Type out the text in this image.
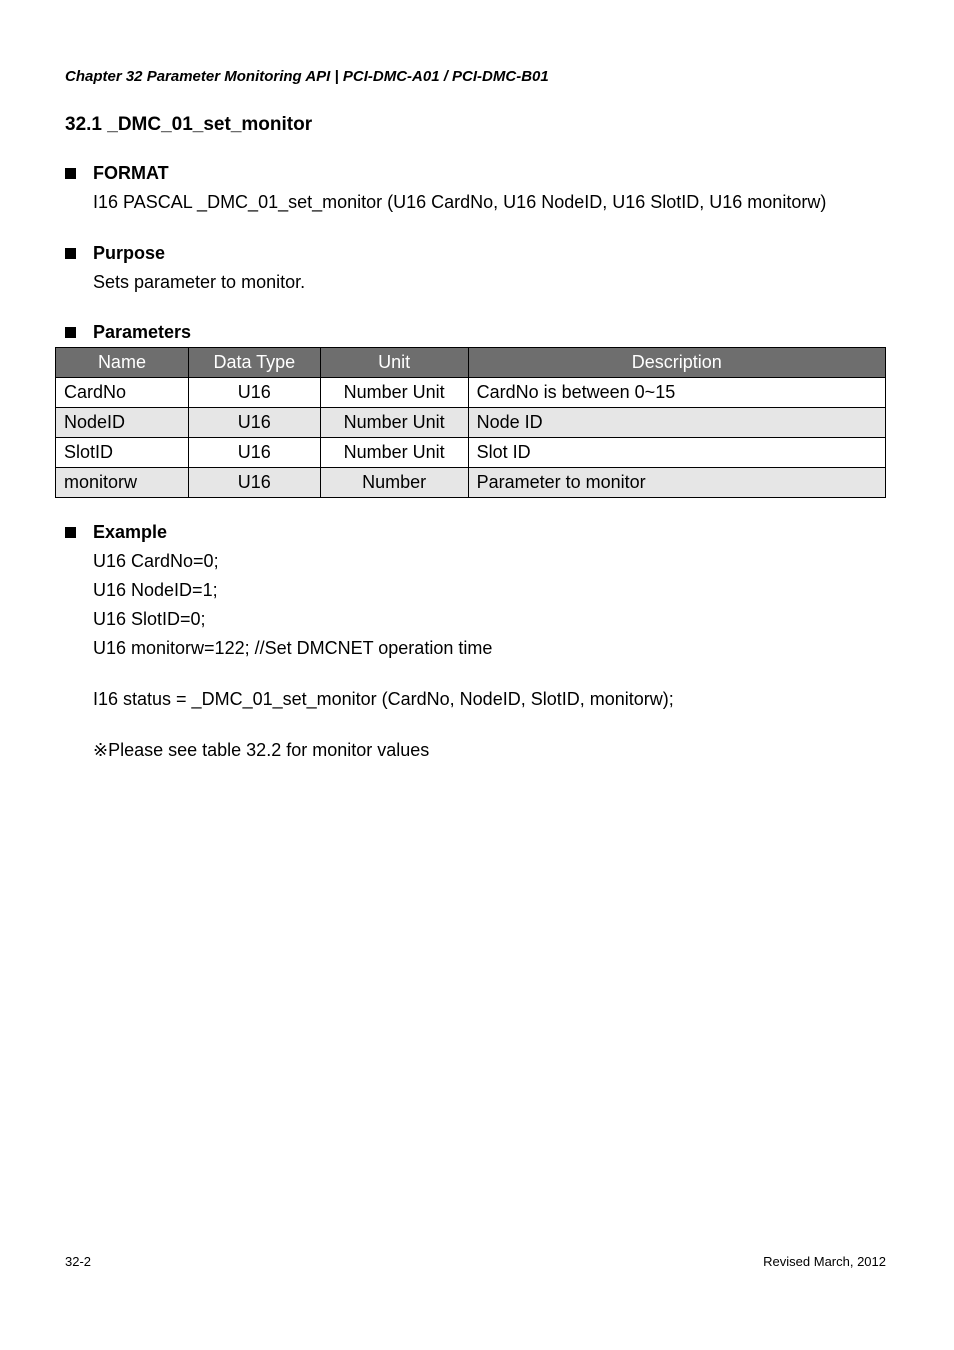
Chapter 32 Parameter Monitoring API | PCI-DMC-A01 / PCI-DMC-B01
32.1 _DMC_01_set_monitor
FORMAT
I16 PASCAL _DMC_01_set_monitor (U16 CardNo, U16 NodeID, U16 SlotID, U16 monitorw)
Purpose
Sets parameter to monitor.
Parameters
Name	Data Type	Unit	Description
CardNo	U16	Number Unit	CardNo is between 0~15
NodeID	U16	Number Unit	Node ID
SlotID	U16	Number Unit	Slot ID
monitorw	U16	Number	Parameter to monitor
Example
U16 CardNo=0;
U16 NodeID=1;
U16 SlotID=0;
U16 monitorw=122; //Set DMCNET operation time
I16 status = _DMC_01_set_monitor (CardNo, NodeID, SlotID, monitorw);
※Please see table 32.2 for monitor values
32-2	Revised March, 2012
